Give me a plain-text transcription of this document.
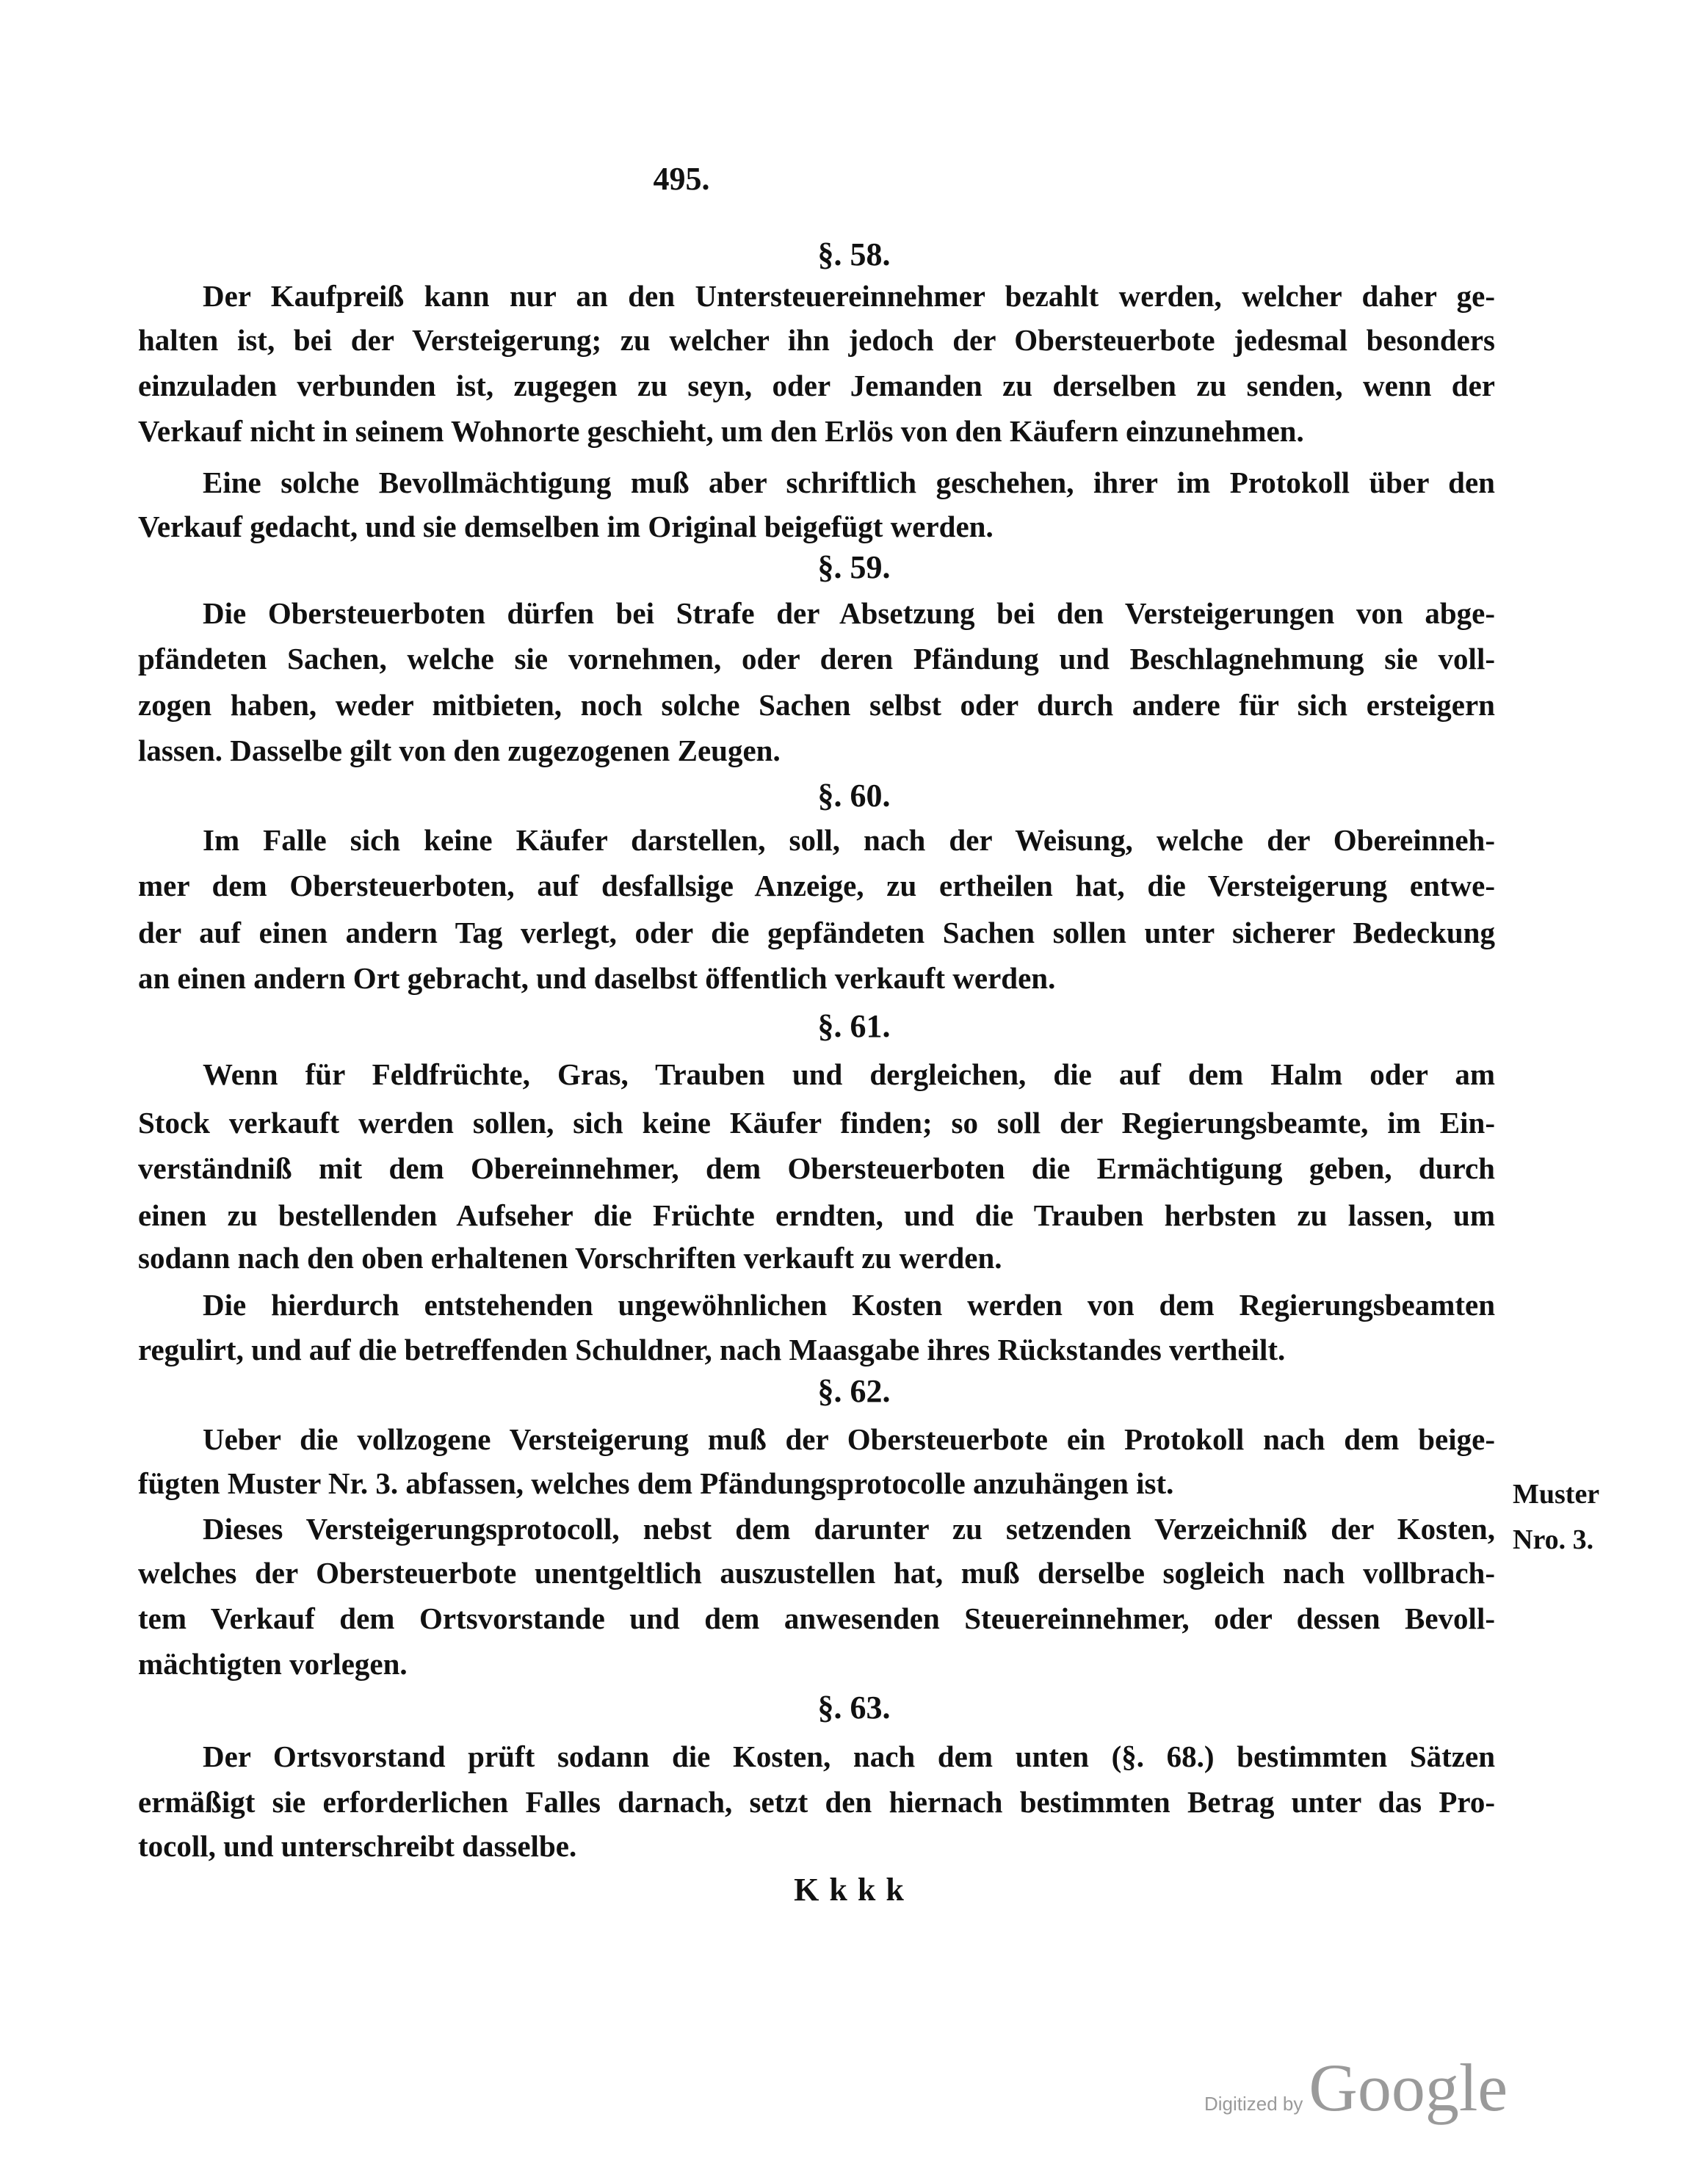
495.
§. 58.
Der Kaufpreiß kann nur an den Untersteuereinnehmer bezahlt werden, welcher daher ge-
halten ist, bei der Versteigerung; zu welcher ihn jedoch der Obersteuerbote jedesmal besonders
einzuladen verbunden ist, zugegen zu seyn, oder Jemanden zu derselben zu senden, wenn der
Verkauf nicht in seinem Wohnorte geschieht, um den Erlös von den Käufern einzunehmen.
Eine solche Bevollmächtigung muß aber schriftlich geschehen, ihrer im Protokoll über den
Verkauf gedacht, und sie demselben im Original beigefügt werden.
§. 59.
Die Obersteuerboten dürfen bei Strafe der Absetzung bei den Versteigerungen von abge-
pfändeten Sachen, welche sie vornehmen, oder deren Pfändung und Beschlagnehmung sie voll-
zogen haben, weder mitbieten, noch solche Sachen selbst oder durch andere für sich ersteigern
lassen. Dasselbe gilt von den zugezogenen Zeugen.
§. 60.
Im Falle sich keine Käufer darstellen, soll, nach der Weisung, welche der Obereinneh-
mer dem Obersteuerboten, auf desfallsige Anzeige, zu ertheilen hat, die Versteigerung entwe-
der auf einen andern Tag verlegt, oder die gepfändeten Sachen sollen unter sicherer Bedeckung
an einen andern Ort gebracht, und daselbst öffentlich verkauft werden.
§. 61.
Wenn für Feldfrüchte, Gras, Trauben und dergleichen, die auf dem Halm oder am
Stock verkauft werden sollen, sich keine Käufer finden; so soll der Regierungsbeamte, im Ein-
verständniß mit dem Obereinnehmer, dem Obersteuerboten die Ermächtigung geben, durch
einen zu bestellenden Aufseher die Früchte erndten, und die Trauben herbsten zu lassen, um
sodann nach den oben erhaltenen Vorschriften verkauft zu werden.
Die hierdurch entstehenden ungewöhnlichen Kosten werden von dem Regierungsbeamten
regulirt, und auf die betreffenden Schuldner, nach Maasgabe ihres Rückstandes vertheilt.
§. 62.
Ueber die vollzogene Versteigerung muß der Obersteuerbote ein Protokoll nach dem beige-
fügten Muster Nr. 3. abfassen, welches dem Pfändungsprotocolle anzuhängen ist.
Dieses Versteigerungsprotocoll, nebst dem darunter zu setzenden Verzeichniß der Kosten,
welches der Obersteuerbote unentgeltlich auszustellen hat, muß derselbe sogleich nach vollbrach-
tem Verkauf dem Ortsvorstande und dem anwesenden Steuereinnehmer, oder dessen Bevoll-
mächtigten vorlegen.
§. 63.
Der Ortsvorstand prüft sodann die Kosten, nach dem unten (§. 68.) bestimmten Sätzen
ermäßigt sie erforderlichen Falles darnach, setzt den hiernach bestimmten Betrag unter das Pro-
tocoll, und unterschreibt dasselbe.
Muster
Nro. 3.
Kkkk
Digitized byGoogle
